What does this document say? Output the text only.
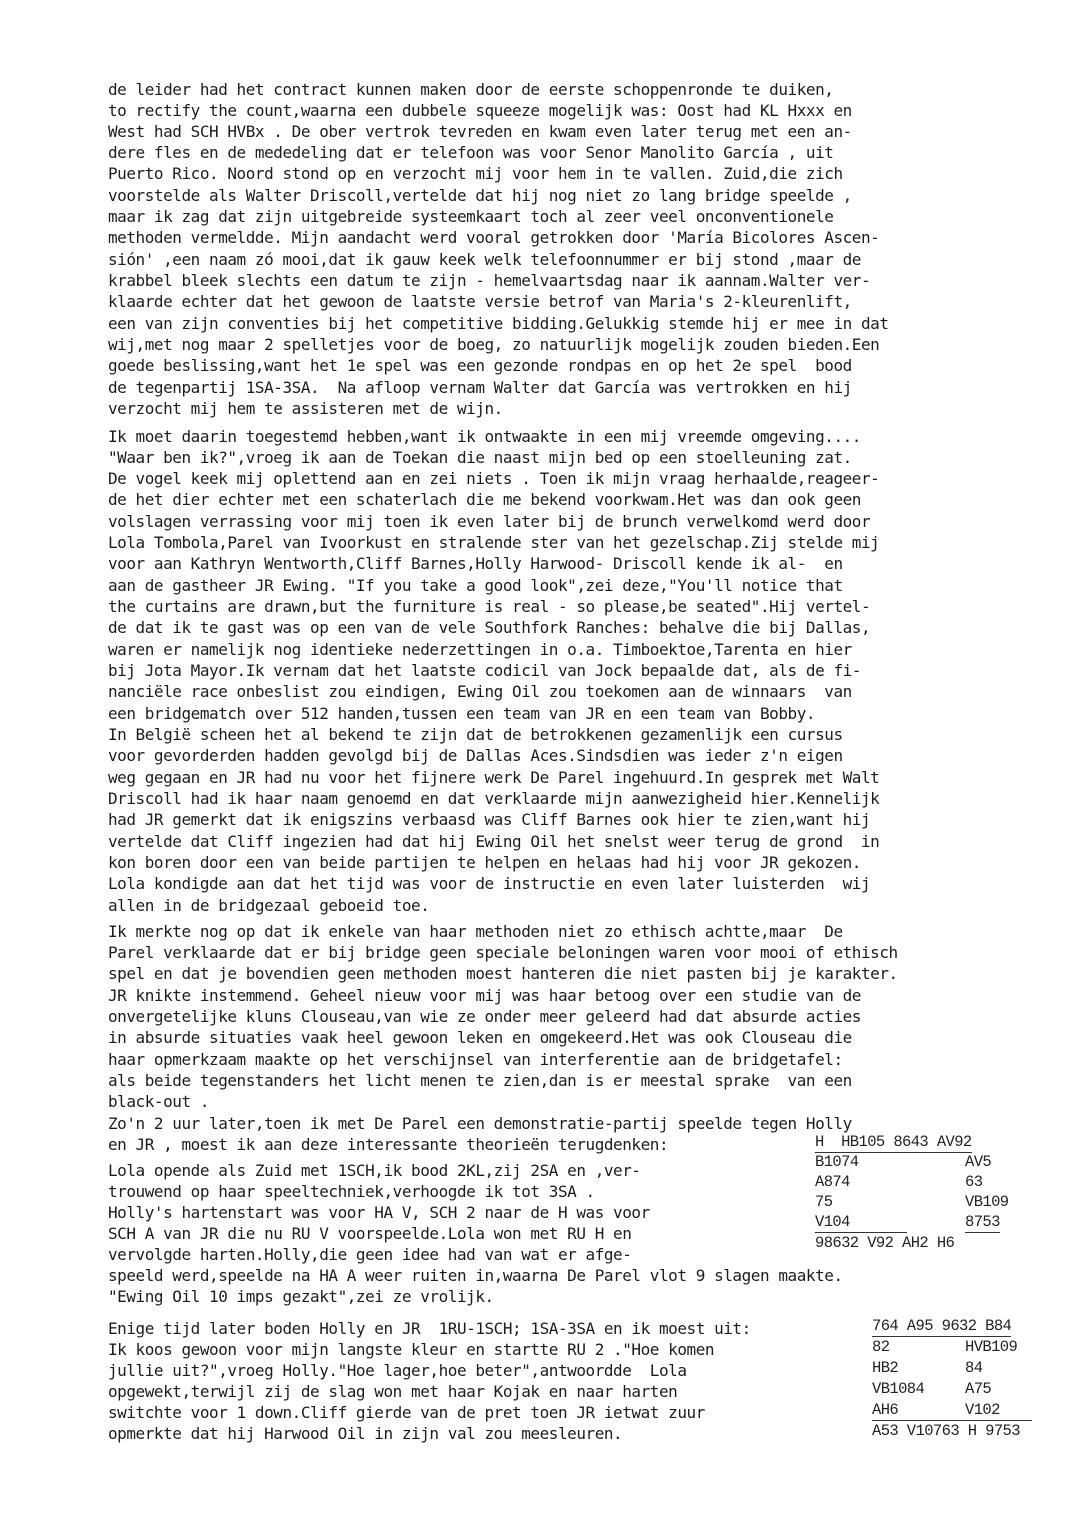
de leider had het contract kunnen maken door de eerste schoppenronde te duiken,
to rectify the count,waarna een dubbele squeeze mogelijk was: Oost had KL Hxxx en
West had SCH HVBx . De ober vertrok tevreden en kwam even later terug met een an-
dere fles en de mededeling dat er telefoon was voor Senor Manolito García , uit
Puerto Rico. Noord stond op en verzocht mij voor hem in te vallen. Zuid,die zich
voorstelde als Walter Driscoll,vertelde dat hij nog niet zo lang bridge speelde ,
maar ik zag dat zijn uitgebreide systeemkaart toch al zeer veel onconventionele
methoden vermeldde. Mijn aandacht werd vooral getrokken door 'María Bicolores Ascen-
sión' ,een naam zó mooi,dat ik gauw keek welk telefoonnummer er bij stond ,maar de
krabbel bleek slechts een datum te zijn - hemelvaartsdag naar ik aannam.Walter ver-
klaarde echter dat het gewoon de laatste versie betrof van Maria's 2-kleurenlift,
een van zijn conventies bij het competitive bidding.Gelukkig stemde hij er mee in dat
wij,met nog maar 2 spelletjes voor de boeg, zo natuurlijk mogelijk zouden bieden.Een
goede beslissing,want het 1e spel was een gezonde rondpas en op het 2e spel  bood
de tegenpartij 1SA-3SA.  Na afloop vernam Walter dat García was vertrokken en hij
verzocht mij hem te assisteren met de wijn.
Ik moet daarin toegestemd hebben,want ik ontwaakte in een mij vreemde omgeving....
"Waar ben ik?",vroeg ik aan de Toekan die naast mijn bed op een stoelleuning zat.
De vogel keek mij oplettend aan en zei niets . Toen ik mijn vraag herhaalde,reageer-
de het dier echter met een schaterlach die me bekend voorkwam.Het was dan ook geen
volslagen verrassing voor mij toen ik even later bij de brunch verwelkomd werd door
Lola Tombola,Parel van Ivoorkust en stralende ster van het gezelschap.Zij stelde mij
voor aan Kathryn Wentworth,Cliff Barnes,Holly Harwood- Driscoll kende ik al-  en
aan de gastheer JR Ewing. "If you take a good look",zei deze,"You'll notice that
the curtains are drawn,but the furniture is real - so please,be seated".Hij vertel-
de dat ik te gast was op een van de vele Southfork Ranches: behalve die bij Dallas,
waren er namelijk nog identieke nederzettingen in o.a. Timboektoe,Tarenta en hier
bij Jota Mayor.Ik vernam dat het laatste codicil van Jock bepaalde dat, als de fi-
nanciële race onbeslist zou eindigen, Ewing Oil zou toekomen aan de winnaars  van
een bridgematch over 512 handen,tussen een team van JR en een team van Bobby.
In België scheen het al bekend te zijn dat de betrokkenen gezamenlijk een cursus
voor gevorderden hadden gevolgd bij de Dallas Aces.Sindsdien was ieder z'n eigen
weg gegaan en JR had nu voor het fijnere werk De Parel ingehuurd.In gesprek met Walt
Driscoll had ik haar naam genoemd en dat verklaarde mijn aanwezigheid hier.Kennelijk
had JR gemerkt dat ik enigszins verbaasd was Cliff Barnes ook hier te zien,want hij
vertelde dat Cliff ingezien had dat hij Ewing Oil het snelst weer terug de grond  in
kon boren door een van beide partijen te helpen en helaas had hij voor JR gekozen.
Lola kondigde aan dat het tijd was voor de instructie en even later luisterden  wij
allen in de bridgezaal geboeid toe.
Ik merkte nog op dat ik enkele van haar methoden niet zo ethisch achtte,maar  De
Parel verklaarde dat er bij bridge geen speciale beloningen waren voor mooi of ethisch
spel en dat je bovendien geen methoden moest hanteren die niet pasten bij je karakter.
JR knikte instemmend. Geheel nieuw voor mij was haar betoog over een studie van de
onvergetelijke kluns Clouseau,van wie ze onder meer geleerd had dat absurde acties
in absurde situaties vaak heel gewoon leken en omgekeerd.Het was ook Clouseau die
haar opmerkzaam maakte op het verschijnsel van interferentie aan de bridgetafel:
als beide tegenstanders het licht menen te zien,dan is er meestal sprake  van een
black-out .
Zo'n 2 uur later,toen ik met De Parel een demonstratie-partij speelde tegen Holly
en JR , moest ik aan deze interessante theorieën terugdenken:	H  HB105 8643 AV92
B1074
A874
75
V104
AV5
63
VB109
8753
98632 V92 AH2 H6
Lola opende als Zuid met 1SCH,ik bood 2KL,zij 2SA en ,ver-
trouwend op haar speeltechniek,verhoogde ik tot 3SA .
Holly's hartenstart was voor HA V, SCH 2 naar de H was voor
SCH A van JR die nu RU V voorspeelde.Lola won met RU H en
vervolgde harten.Holly,die geen idee had van wat er afge-
speeld werd,speelde na HA A weer ruiten in,waarna De Parel vlot 9 slagen maakte.
"Ewing Oil 10 imps gezakt",zei ze vrolijk.
Enige tijd later boden Holly en JR  1RU-1SCH; 1SA-3SA en ik moest uit:
Ik koos gewoon voor mijn langste kleur en startte RU 2 ."Hoe komen
jullie uit?",vroeg Holly."Hoe lager,hoe beter",antwoordde  Lola
opgewekt,terwijl zij de slag won met haar Kojak en naar harten
switchte voor 1 down.Cliff gierde van de pret toen JR ietwat zuur
opmerkte dat hij Harwood Oil in zijn val zou meesleuren.
764 A95 9632 B84
82
HB2
VB1084
AH6
HVB109
84
A75
V102
A53 V10763 H 9753
